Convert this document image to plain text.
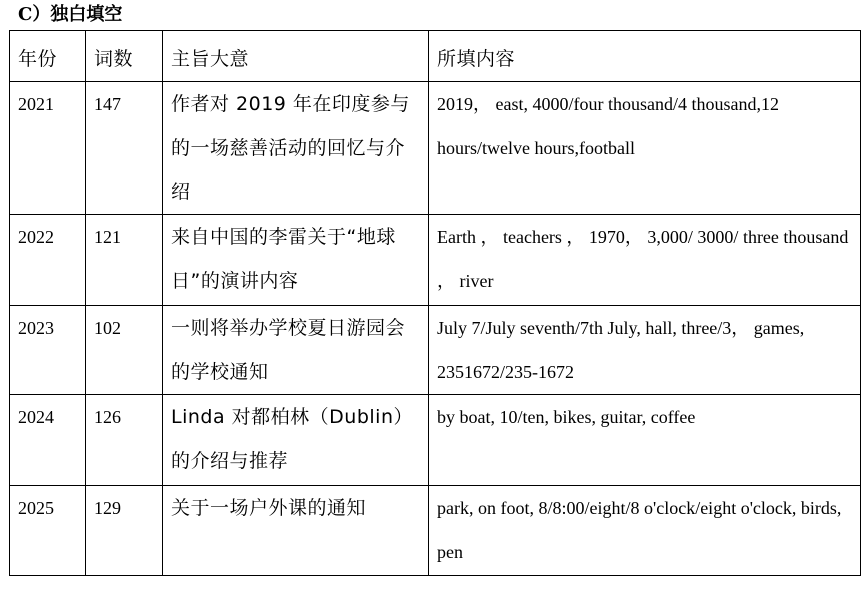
C）独白填空
年份	词数	主旨大意	所填内容
2021	147	作者对 2019 年在印度参与的一场慈善活动的回忆与介绍	2019， east, 4000/four thousand/4 thousand,12 hours/twelve hours,football
2022	121	来自中国的李雷关于“地球日”的演讲内容	Earth ， teachers ， 1970， 3,000/ 3000/ three thousand ， river
2023	102	一则将举办学校夏日游园会的学校通知	July 7/July seventh/7th July, hall, three/3， games, 2351672/235-1672
2024	126	Linda 对都柏林（Dublin）的介绍与推荐	by boat, 10/ten, bikes, guitar, coffee
2025	129	关于一场户外课的通知	park, on foot, 8/8:00/eight/8 o'clock/eight o'clock, birds, pen
